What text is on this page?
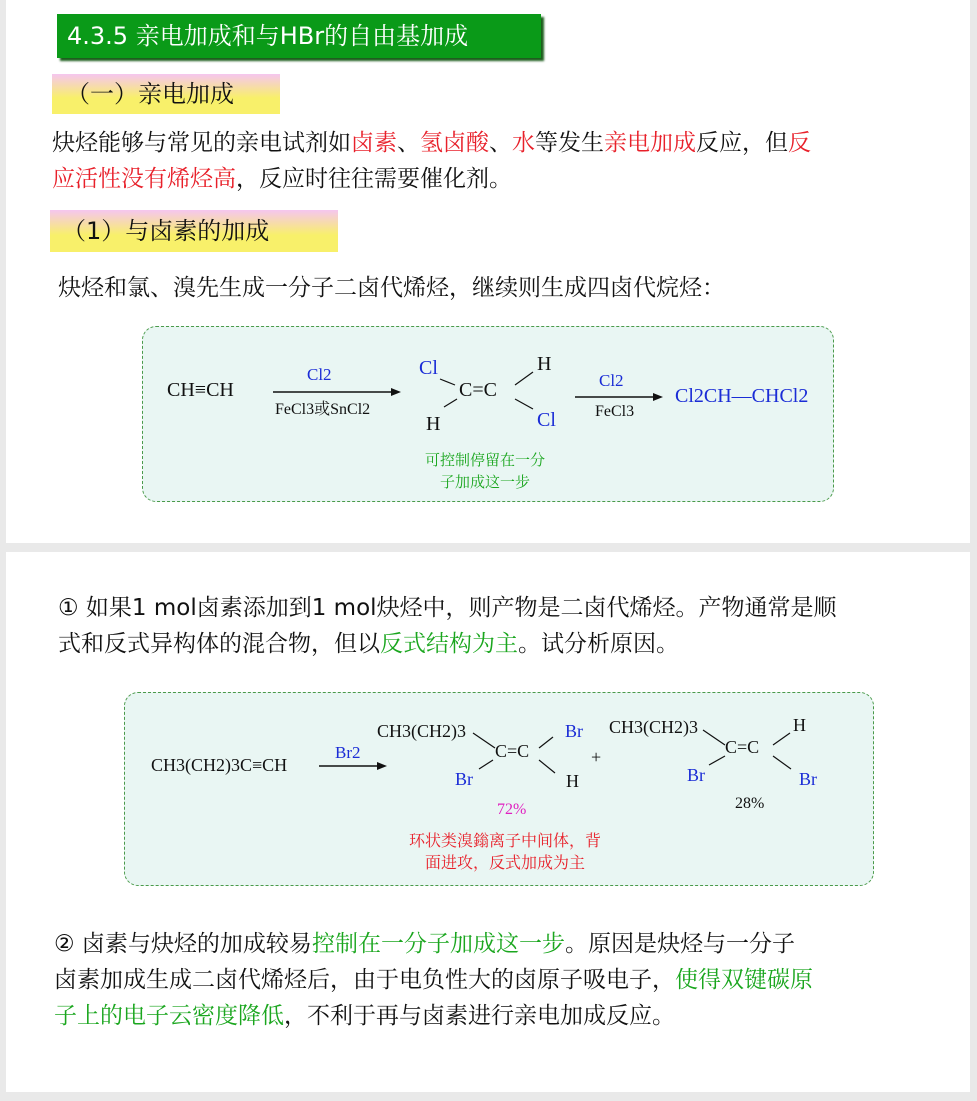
4.3.5 亲电加成和与HBr的自由基加成
（一）亲电加成
炔烃能够与常见的亲电试剂如卤素、氢卤酸、水等发生亲电加成反应，但反
应活性没有烯烃高，反应时往往需要催化剂。
（1）与卤素的加成
炔烃和氯、溴先生成一分子二卤代烯烃，继续则生成四卤代烷烃：
CH≡CH
Cl2
FeCl3或SnCl2
Cl	H
C=C
H	Cl
Cl2
FeCl3
Cl2CH—CHCl2
可控制停留在一分
子加成这一步
① 如果1 mol卤素添加到1 mol炔烃中，则产物是二卤代烯烃。产物通常是顺
式和反式异构体的混合物，但以反式结构为主。试分析原因。
CH3(CH2)3C≡CH
Br2
CH3(CH2)3
C=C
Br
Br	H
+
CH3(CH2)3
C=C
H
Br	Br
72%	28%
环状类溴鎓离子中间体，背
面进攻，反式加成为主
② 卤素与炔烃的加成较易控制在一分子加成这一步。原因是炔烃与一分子
卤素加成生成二卤代烯烃后，由于电负性大的卤原子吸电子，使得双键碳原
子上的电子云密度降低，不利于再与卤素进行亲电加成反应。
